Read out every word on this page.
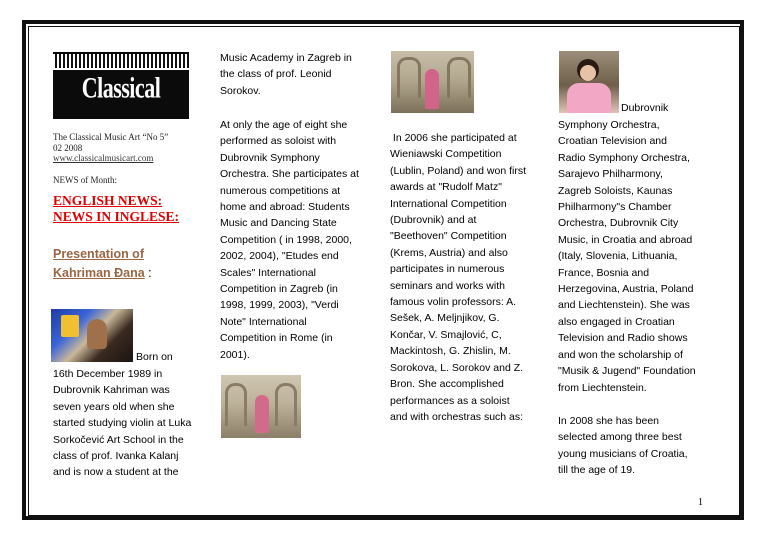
Classical
The Classical Music Art “No 5”
02 2008
www.classicalmusicart.com
NEWS of Month:
ENGLISH NEWS:
NEWS IN INGLESE:
Presentation of
Kahriman Đana :
Born on
16th December 1989 in
Dubrovnik Kahriman was
seven years old when she
started studying violin at Luka
Sorkočević Art School in the
class of prof. Ivanka Kalanj
and is now a student at the
Music Academy in Zagreb in
the class of prof. Leonid
Sorokov.
At only the age of eight she
performed as soloist with
Dubrovnik Symphony
Orchestra. She participates at
numerous competitions at
home and abroad: Students
Music and Dancing State
Competition ( in 1998, 2000,
2002, 2004), "Etudes end
Scales" International
Competition in Zagreb (in
1998, 1999, 2003), "Verdi
Note" International
Competition in Rome (in
2001).
In 2006 she participated at
Wieniawski Competition
(Lublin, Poland) and won first
awards at "Rudolf Matz"
International Competition
(Dubrovnik) and at
"Beethoven" Competition
(Krems, Austria) and also
participates in numerous
seminars and works with
famous volin professors: A.
Sešek, A. Meljnjikov, G.
Končar, V. Smajlović, C,
Mackintosh, G. Zhislin, M.
Sorokova, L. Sorokov and Z.
Bron. She accomplished
performances as a soloist
and with orchestras such as:
Dubrovnik
Symphony Orchestra,
Croatian Television and
Radio Symphony Orchestra,
Sarajevo Philharmony,
Zagreb Soloists, Kaunas
Philharmony"s Chamber
Orchestra, Dubrovnik City
Music, in Croatia and abroad
(Italy, Slovenia, Lithuania,
France, Bosnia and
Herzegovina, Austria, Poland
and Liechtenstein). She was
also engaged in Croatian
Television and Radio shows
and won the scholarship of
"Musik & Jugend" Foundation
from Liechtenstein.
In 2008 she has been
selected among three best
young musicians of Croatia,
till the age of 19.
1
